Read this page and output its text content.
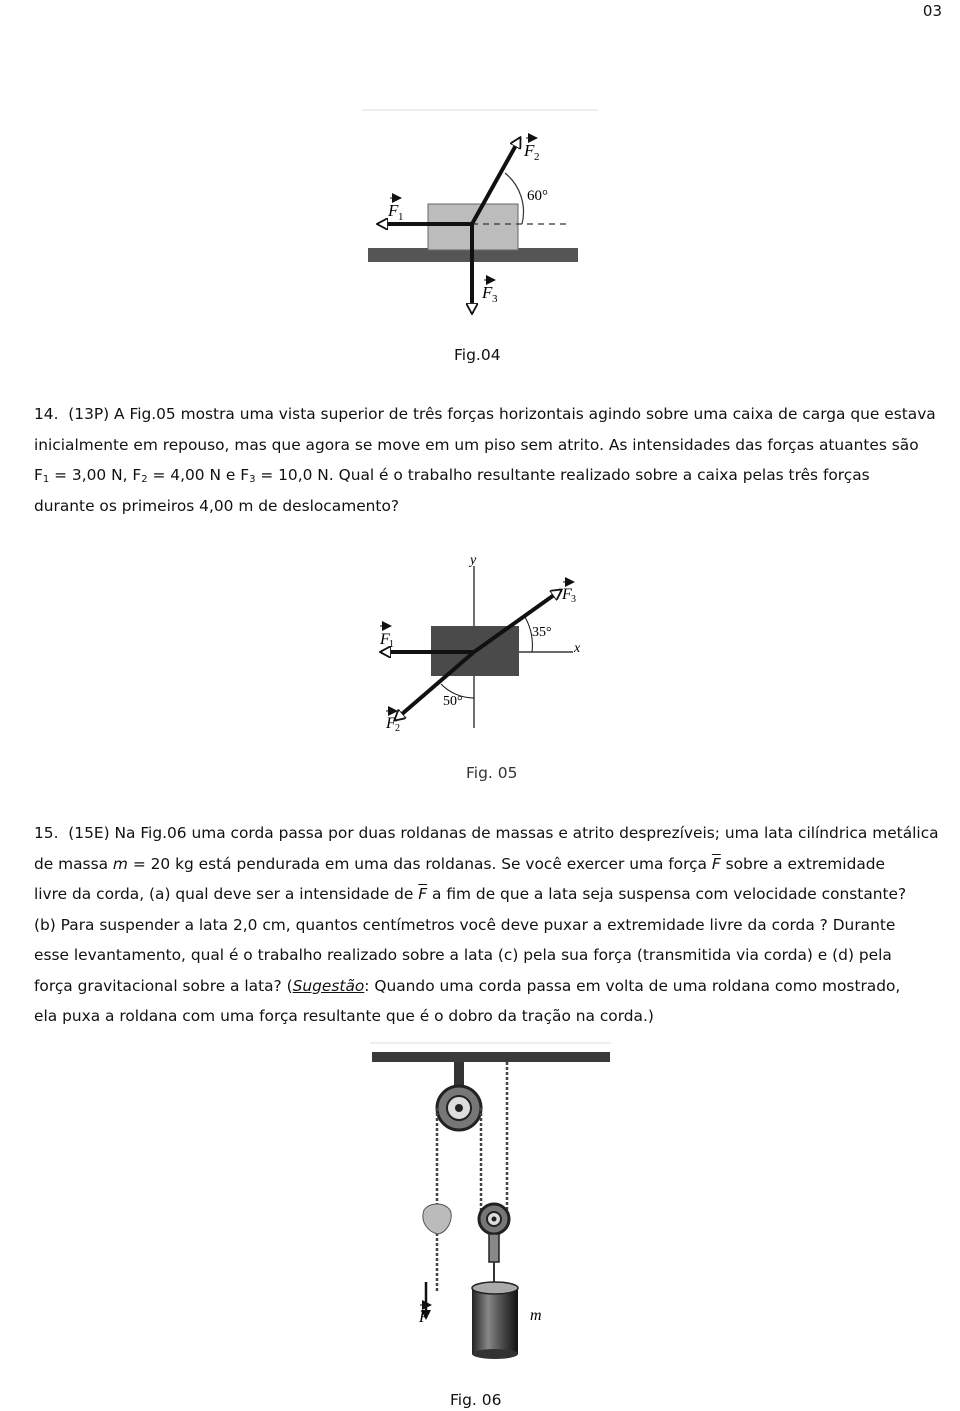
03
F 1
F 2
F 3
60°
Fig.04
14. (13P) A Fig.05 mostra uma vista superior de três forças horizontais agindo sobre uma caixa de carga que estava
inicialmente em repouso, mas que agora se move em um piso sem atrito. As intensidades das forças atuantes são
$F_1 = 3,00$ N, $F_2 = 4,00$ N e $F_3 = 10,0$ N. Qual é o trabalho resultante realizado sobre a caixa pelas três forças
durante os primeiros 4,00 m de deslocamento?
y
x
35°
50°
F 1
F 3
F 2
Fig. 05
15. (15E) Na Fig.06 uma corda passa por duas roldanas de massas e atrito desprezíveis; uma lata cilíndrica metálica
de massa m = 20 kg está pendurada em uma das roldanas. Se você exercer uma força $\overline{F}$ sobre a extremidade
livre da corda, (a) qual deve ser a intensidade de $\overline{F}$ a fim de que a lata seja suspensa com velocidade constante?
(b) Para suspender a lata 2,0 cm, quantos centímetros você deve puxar a extremidade livre da corda ? Durante
esse levantamento, qual é o trabalho realizado sobre a lata (c) pela sua força (transmitida via corda) e (d) pela
força gravitacional sobre a lata? (Sugestão: Quando uma corda passa em volta de uma roldana como mostrado,
ela puxa a roldana com uma força resultante que é o dobro da tração na corda.)
F	m
Fig. 06
